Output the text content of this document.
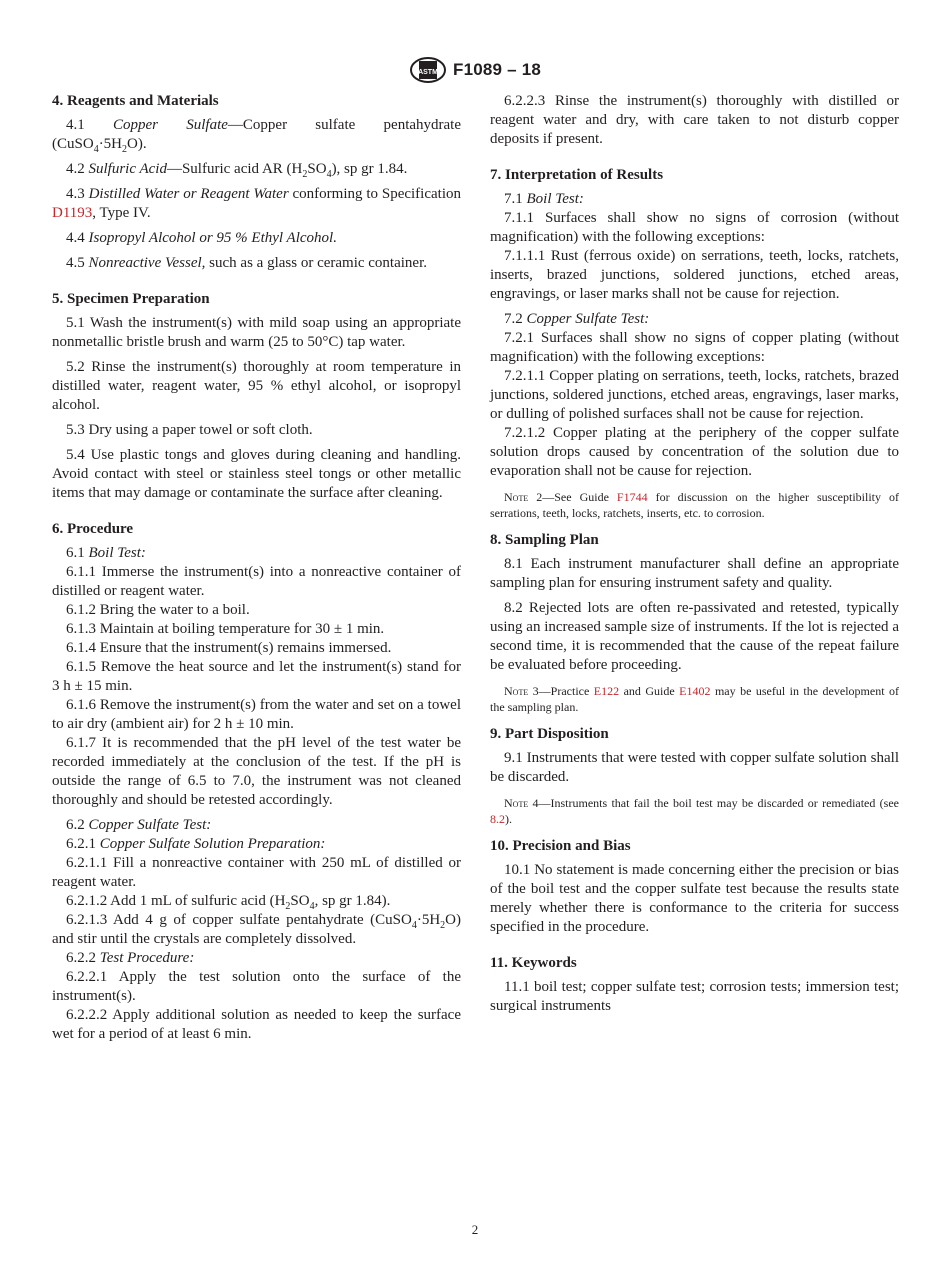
ASTM F1089 – 18
4. Reagents and Materials

4.1 Copper Sulfate—Copper sulfate pentahydrate $(CuSO_4\cdot 5H_2O)$.

4.2 Sulfuric Acid—Sulfuric acid AR $(H_2SO_4)$, sp gr 1.84.

4.3 Distilled Water or Reagent Water conforming to Specification D1193, Type IV.

4.4 Isopropyl Alcohol or 95 % Ethyl Alcohol.

4.5 Nonreactive Vessel, such as a glass or ceramic container.

5. Specimen Preparation

5.1 Wash the instrument(s) with mild soap using an appropriate nonmetallic bristle brush and warm (25 to 50°C) tap water.

5.2 Rinse the instrument(s) thoroughly at room temperature in distilled water, reagent water, 95 % ethyl alcohol, or isopropyl alcohol.

5.3 Dry using a paper towel or soft cloth.

5.4 Use plastic tongs and gloves during cleaning and handling. Avoid contact with steel or stainless steel tongs or other metallic items that may damage or contaminate the surface after cleaning.

6. Procedure

6.1 Boil Test:

6.1.1 Immerse the instrument(s) into a nonreactive container of distilled or reagent water.

6.1.2 Bring the water to a boil.

6.1.3 Maintain at boiling temperature for 30 ± 1 min.

6.1.4 Ensure that the instrument(s) remains immersed.

6.1.5 Remove the heat source and let the instrument(s) stand for 3 h ± 15 min.

6.1.6 Remove the instrument(s) from the water and set on a towel to air dry (ambient air) for 2 h ± 10 min.

6.1.7 It is recommended that the pH level of the test water be recorded immediately at the conclusion of the test. If the pH is outside the range of 6.5 to 7.0, the instrument was not cleaned thoroughly and should be retested accordingly.

6.2 Copper Sulfate Test:

6.2.1 Copper Sulfate Solution Preparation:

6.2.1.1 Fill a nonreactive container with 250 mL of distilled or reagent water.

6.2.1.2 Add 1 mL of sulfuric acid ($H_2SO_4$, sp gr 1.84).

6.2.1.3 Add 4 g of copper sulfate pentahydrate $(CuSO_4\cdot 5H_2O)$ and stir until the crystals are completely dissolved.

6.2.2 Test Procedure:

6.2.2.1 Apply the test solution onto the surface of the instrument(s).

6.2.2.2 Apply additional solution as needed to keep the surface wet for a period of at least 6 min.

6.2.2.3 Rinse the instrument(s) thoroughly with distilled or reagent water and dry, with care taken to not disturb copper deposits if present.

7. Interpretation of Results

7.1 Boil Test:

7.1.1 Surfaces shall show no signs of corrosion (without magnification) with the following exceptions:

7.1.1.1 Rust (ferrous oxide) on serrations, teeth, locks, ratchets, inserts, brazed junctions, soldered junctions, etched areas, engravings, or laser marks shall not be cause for rejection.

7.2 Copper Sulfate Test:

7.2.1 Surfaces shall show no signs of copper plating (without magnification) with the following exceptions:

7.2.1.1 Copper plating on serrations, teeth, locks, ratchets, brazed junctions, soldered junctions, etched areas, engravings, laser marks, or dulling of polished surfaces shall not be cause for rejection.

7.2.1.2 Copper plating at the periphery of the copper sulfate solution drops caused by concentration of the solution due to evaporation shall not be cause for rejection.

Note 2—See Guide F1744 for discussion on the higher susceptibility of serrations, teeth, locks, ratchets, inserts, etc. to corrosion.
8. Sampling Plan

8.1 Each instrument manufacturer shall define an appropriate sampling plan for ensuring instrument safety and quality.

8.2 Rejected lots are often re-passivated and retested, typically using an increased sample size of instruments. If the lot is rejected a second time, it is recommended that the cause of the repeat failure be evaluated before proceeding.

Note 3—Practice E122 and Guide E1402 may be useful in the development of the sampling plan.
9. Part Disposition

9.1 Instruments that were tested with copper sulfate solution shall be discarded.

Note 4—Instruments that fail the boil test may be discarded or remediated (see 8.2).
10. Precision and Bias

10.1 No statement is made concerning either the precision or bias of the boil test and the copper sulfate test because the results state merely whether there is conformance to the criteria for success specified in the procedure.

11. Keywords

11.1 boil test; copper sulfate test; corrosion tests; immersion test; surgical instruments

2
